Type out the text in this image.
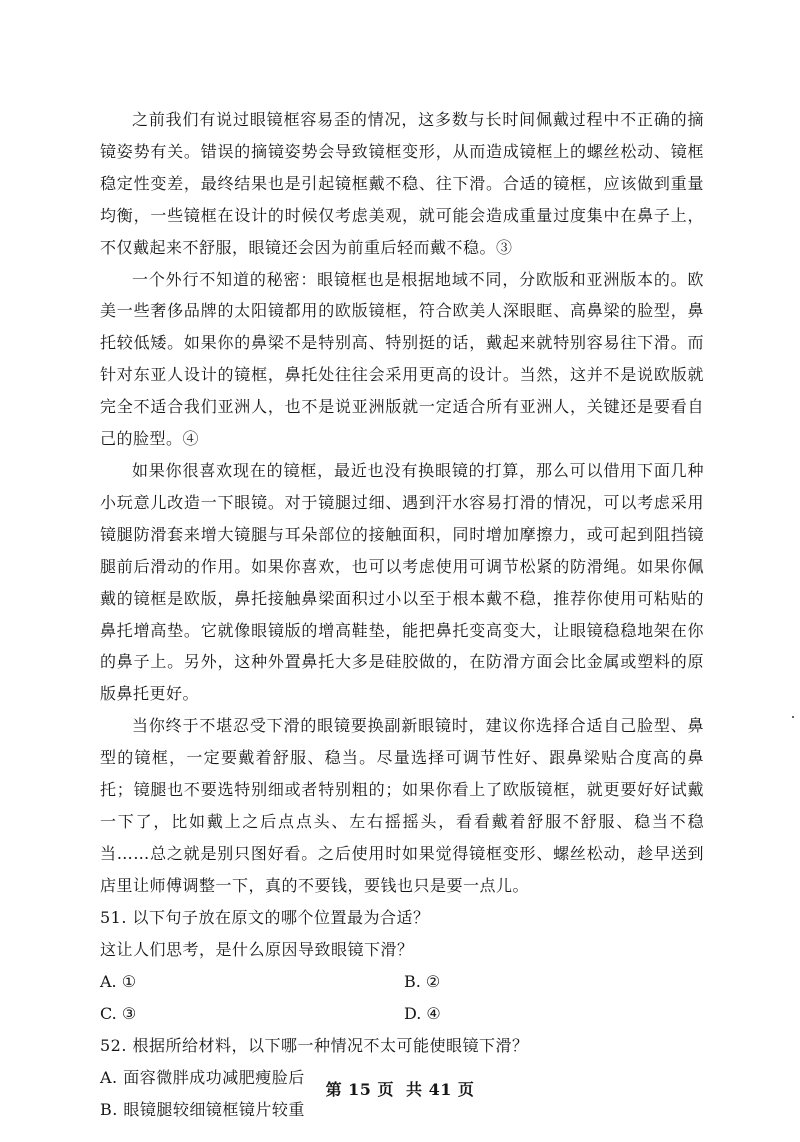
之前我们有说过眼镜框容易歪的情况，这多数与长时间佩戴过程中不正确的摘镜姿势有关。错误的摘镜姿势会导致镜框变形，从而造成镜框上的螺丝松动、镜框稳定性变差，最终结果也是引起镜框戴不稳、往下滑。合适的镜框，应该做到重量均衡，一些镜框在设计的时候仅考虑美观，就可能会造成重量过度集中在鼻子上，不仅戴起来不舒服，眼镜还会因为前重后轻而戴不稳。③

一个外行不知道的秘密：眼镜框也是根据地域不同，分欧版和亚洲版本的。欧美一些奢侈品牌的太阳镜都用的欧版镜框，符合欧美人深眼眶、高鼻梁的脸型，鼻托较低矮。如果你的鼻梁不是特别高、特别挺的话，戴起来就特别容易往下滑。而针对东亚人设计的镜框，鼻托处往往会采用更高的设计。当然，这并不是说欧版就完全不适合我们亚洲人，也不是说亚洲版就一定适合所有亚洲人，关键还是要看自己的脸型。④

如果你很喜欢现在的镜框，最近也没有换眼镜的打算，那么可以借用下面几种小玩意儿改造一下眼镜。对于镜腿过细、遇到汗水容易打滑的情况，可以考虑采用镜腿防滑套来增大镜腿与耳朵部位的接触面积，同时增加摩擦力，或可起到阻挡镜腿前后滑动的作用。如果你喜欢，也可以考虑使用可调节松紧的防滑绳。如果你佩戴的镜框是欧版，鼻托接触鼻梁面积过小以至于根本戴不稳，推荐你使用可粘贴的鼻托增高垫。它就像眼镜版的增高鞋垫，能把鼻托变高变大，让眼镜稳稳地架在你的鼻子上。另外，这种外置鼻托大多是硅胶做的，在防滑方面会比金属或塑料的原版鼻托更好。

当你终于不堪忍受下滑的眼镜要换副新眼镜时，建议你选择合适自己脸型、鼻型的镜框，一定要戴着舒服、稳当。尽量选择可调节性好、跟鼻梁贴合度高的鼻托；镜腿也不要选特别细或者特别粗的；如果你看上了欧版镜框，就更要好好试戴一下了，比如戴上之后点点头、左右摇摇头，看看戴着舒服不舒服、稳当不稳当……总之就是别只图好看。之后使用时如果觉得镜框变形、螺丝松动，趁早送到店里让师傅调整一下，真的不要钱，要钱也只是要一点儿。

51. 以下句子放在原文的哪个位置最为合适？
这让人们思考，是什么原因导致眼镜下滑？
A. ①	B. ②
C. ③	D. ④
52. 根据所给材料，以下哪一种情况不太可能使眼镜下滑？
A. 面容微胖成功减肥瘦脸后
B. 眼镜腿较细镜框镜片较重
第 15 页 共 41 页
